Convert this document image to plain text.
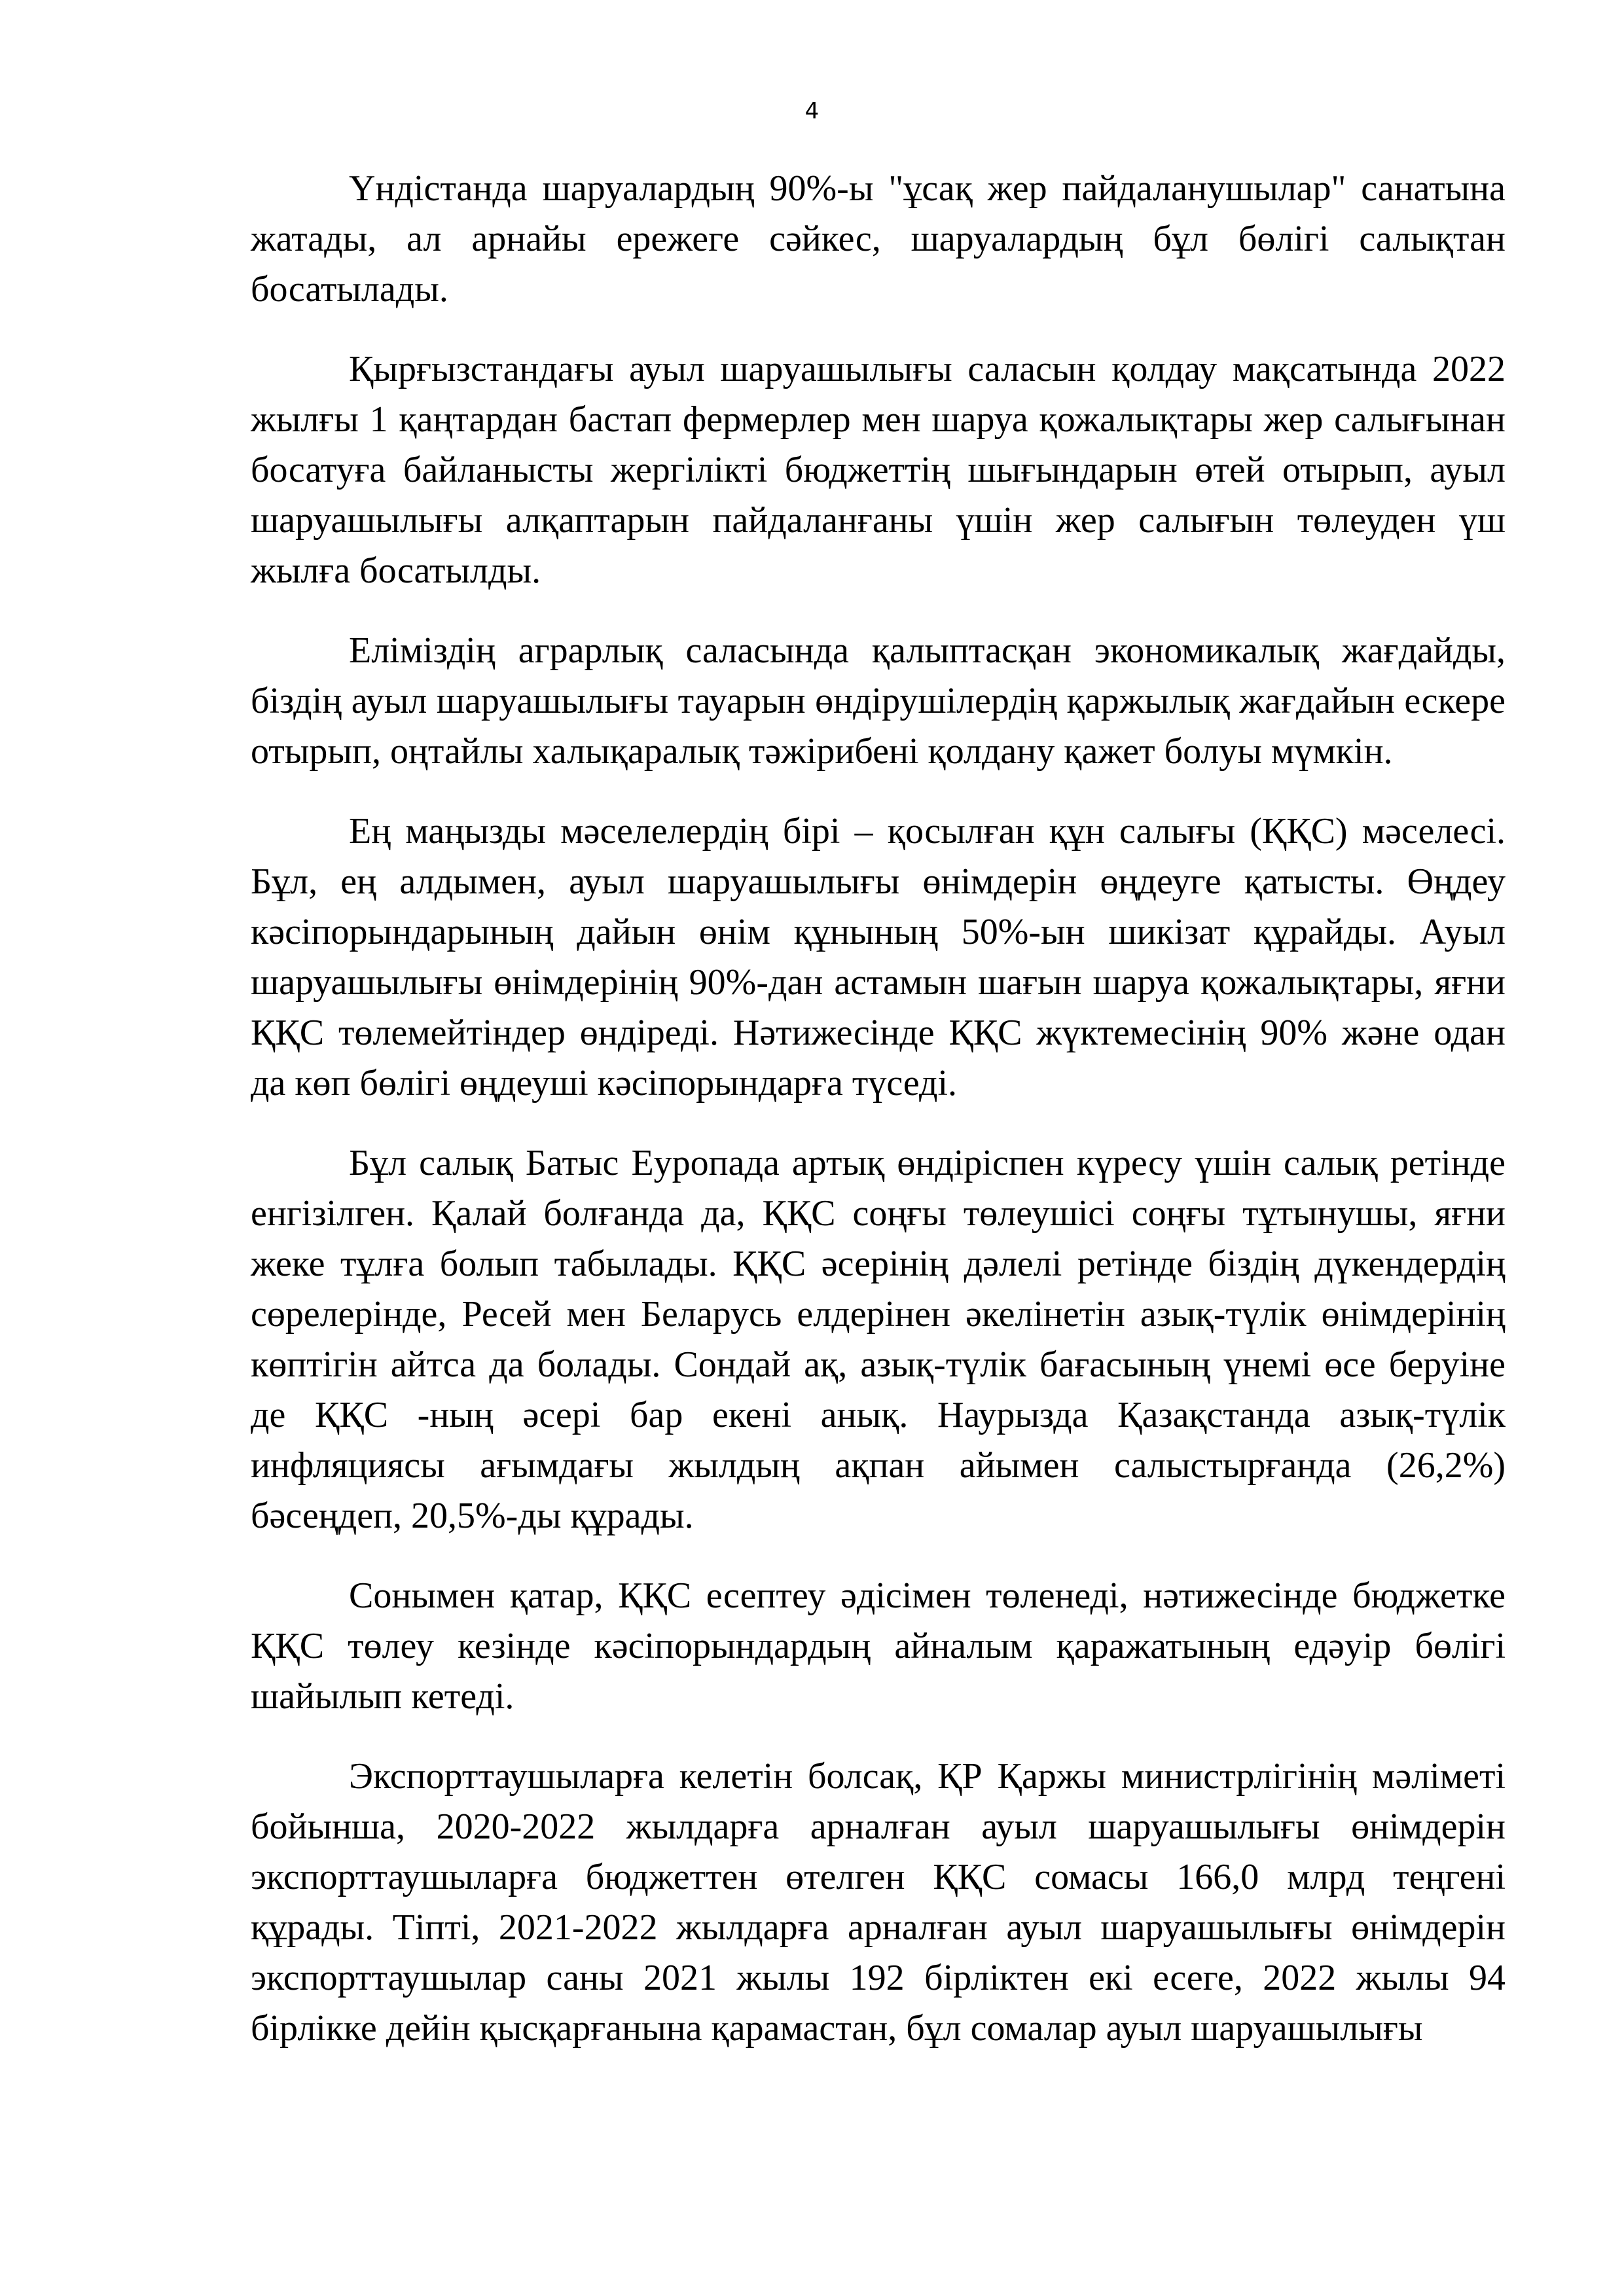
4

Үндістанда шаруалардың 90%-ы "ұсақ жер пайдаланушылар" санатына жатады, ал арнайы ережеге сәйкес, шаруалардың бұл бөлігі салықтан босатылады.

Қырғызстандағы ауыл шаруашылығы саласын қолдау мақсатында 2022 жылғы 1 қаңтардан бастап фермерлер мен шаруа қожалықтары жер салығынан босатуға байланысты жергілікті бюджеттің шығындарын өтей отырып, ауыл шаруашылығы алқаптарын пайдаланғаны үшін жер салығын төлеуден үш жылға босатылды.

Еліміздің аграрлық саласында қалыптасқан экономикалық жағдайды, біздің ауыл шаруашылығы тауарын өндірушілердің қаржылық жағдайын ескере отырып, оңтайлы халықаралық тәжірибені қолдану қажет болуы мүмкін.

Ең маңызды мәселелердің бірі – қосылған құн салығы (ҚҚС) мәселесі. Бұл, ең алдымен, ауыл шаруашылығы өнімдерін өңдеуге қатысты. Өңдеу кәсіпорындарының дайын өнім құнының 50%-ын шикізат құрайды. Ауыл шаруашылығы өнімдерінің 90%-дан астамын шағын шаруа қожалықтары, яғни ҚҚС төлемейтіндер өндіреді. Нәтижесінде ҚҚС жүктемесінің 90% және одан да көп бөлігі өңдеуші кәсіпорындарға түседі.

Бұл салық Батыс Еуропада артық өндіріспен күресу үшін салық ретінде енгізілген. Қалай болғанда да, ҚҚС соңғы төлеушісі соңғы тұтынушы, яғни жеке тұлға болып табылады. ҚҚС әсерінің дәлелі ретінде біздің дүкендердің сөрелерінде, Ресей мен Беларусь елдерінен әкелінетін азық-түлік өнімдерінің көптігін айтса да болады. Сондай ақ, азық-түлік бағасының үнемі өсе беруіне де ҚҚС -ның әсері бар екені анық. Наурызда Қазақстанда азық-түлік инфляциясы ағымдағы жылдың ақпан айымен салыстырғанда (26,2%) бәсеңдеп, 20,5%-ды құрады.

Сонымен қатар, ҚҚС есептеу әдісімен төленеді, нәтижесінде бюджетке ҚҚС төлеу кезінде кәсіпорындардың айналым қаражатының едәуір бөлігі шайылып кетеді.

Экспорттаушыларға келетін болсақ, ҚР Қаржы министрлігінің мәліметі бойынша, 2020-2022 жылдарға арналған ауыл шаруашылығы өнімдерін экспорттаушыларға бюджеттен өтелген ҚҚС сомасы 166,0 млрд теңгені құрады. Тіпті, 2021-2022 жылдарға арналған ауыл шаруашылығы өнімдерін экспорттаушылар саны 2021 жылы 192 бірліктен екі есеге, 2022 жылы 94 бірлікке дейін қысқарғанына қарамастан, бұл сомалар ауыл шаруашылығы
